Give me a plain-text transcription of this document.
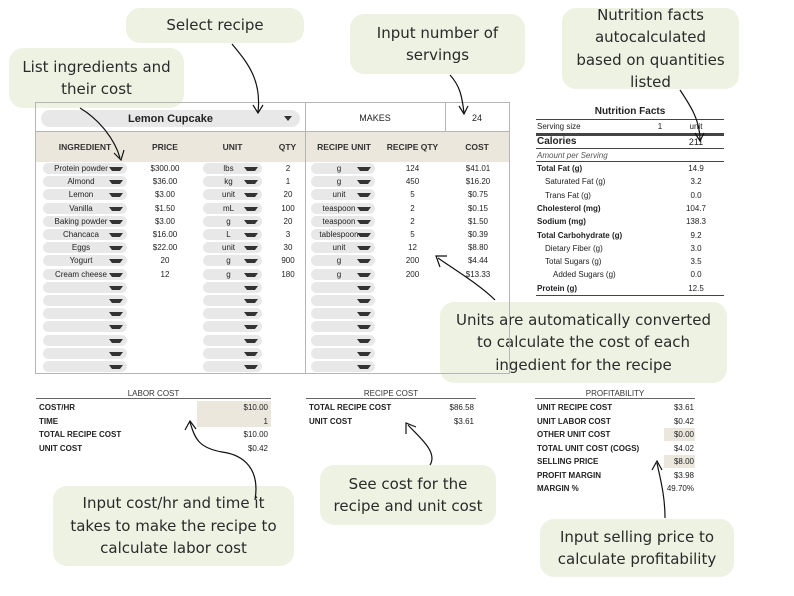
Select recipe	Input number of servings
Nutrition facts autocalculated based on quantities listed
List ingredients and their cost
Units are automatically converted to calculate the cost of each ingedient for the recipe
Input cost/hr and time it takes to make the recipe to calculate labor cost
See cost for the recipe and unit cost
Input selling price to calculate profitability
Lemon Cupcake	MAKES	24
INGREDIENT	PRICE	UNIT	QTY	RECIPE UNIT	RECIPE QTY	COST
Protein powder	$300.00	lbs	2	g	124	$41.01
Almond	$36.00	kg	1	g	450	$16.20
Lemon	$3.00	unit	20	unit	5	$0.75
Vanilla	$1.50	mL	100	teaspoon	2	$0.15
Baking powder	$3.00	g	20	teaspoon	2	$1.50
Chancaca	$16.00	L	3	tablespoon	5	$0.39
Eggs	$22.00	unit	30	unit	12	$8.80
Yogurt	20	g	900	g	200	$4.44
Cream cheese	12	g	180	g	200	$13.33
LABOR COST
COST/HR	$10.00
TIME	1
TOTAL RECIPE COST	$10.00
UNIT COST	$0.42
RECIPE COST
TOTAL RECIPE COST	$86.58
UNIT COST	$3.61
PROFITABILITY
UNIT RECIPE COST	$3.61
UNIT LABOR COST	$0.42
OTHER UNIT COST	$0.00
TOTAL UNIT COST (COGS)	$4.02
SELLING PRICE	$8.00
PROFIT MARGIN	$3.98
MARGIN %	49.70%
Nutrition Facts
Serving size	1	unit
Calories	211
Amount per Serving
Total Fat (g)	14.9
Saturated Fat (g)	3.2
Trans Fat (g)	0.0
Cholesterol (mg)	104.7
Sodium (mg)	138.3
Total Carbohydrate (g)	9.2
Dietary Fiber (g)	3.0
Total Sugars (g)	3.5
Added Sugars (g)	0.0
Protein (g)	12.5
